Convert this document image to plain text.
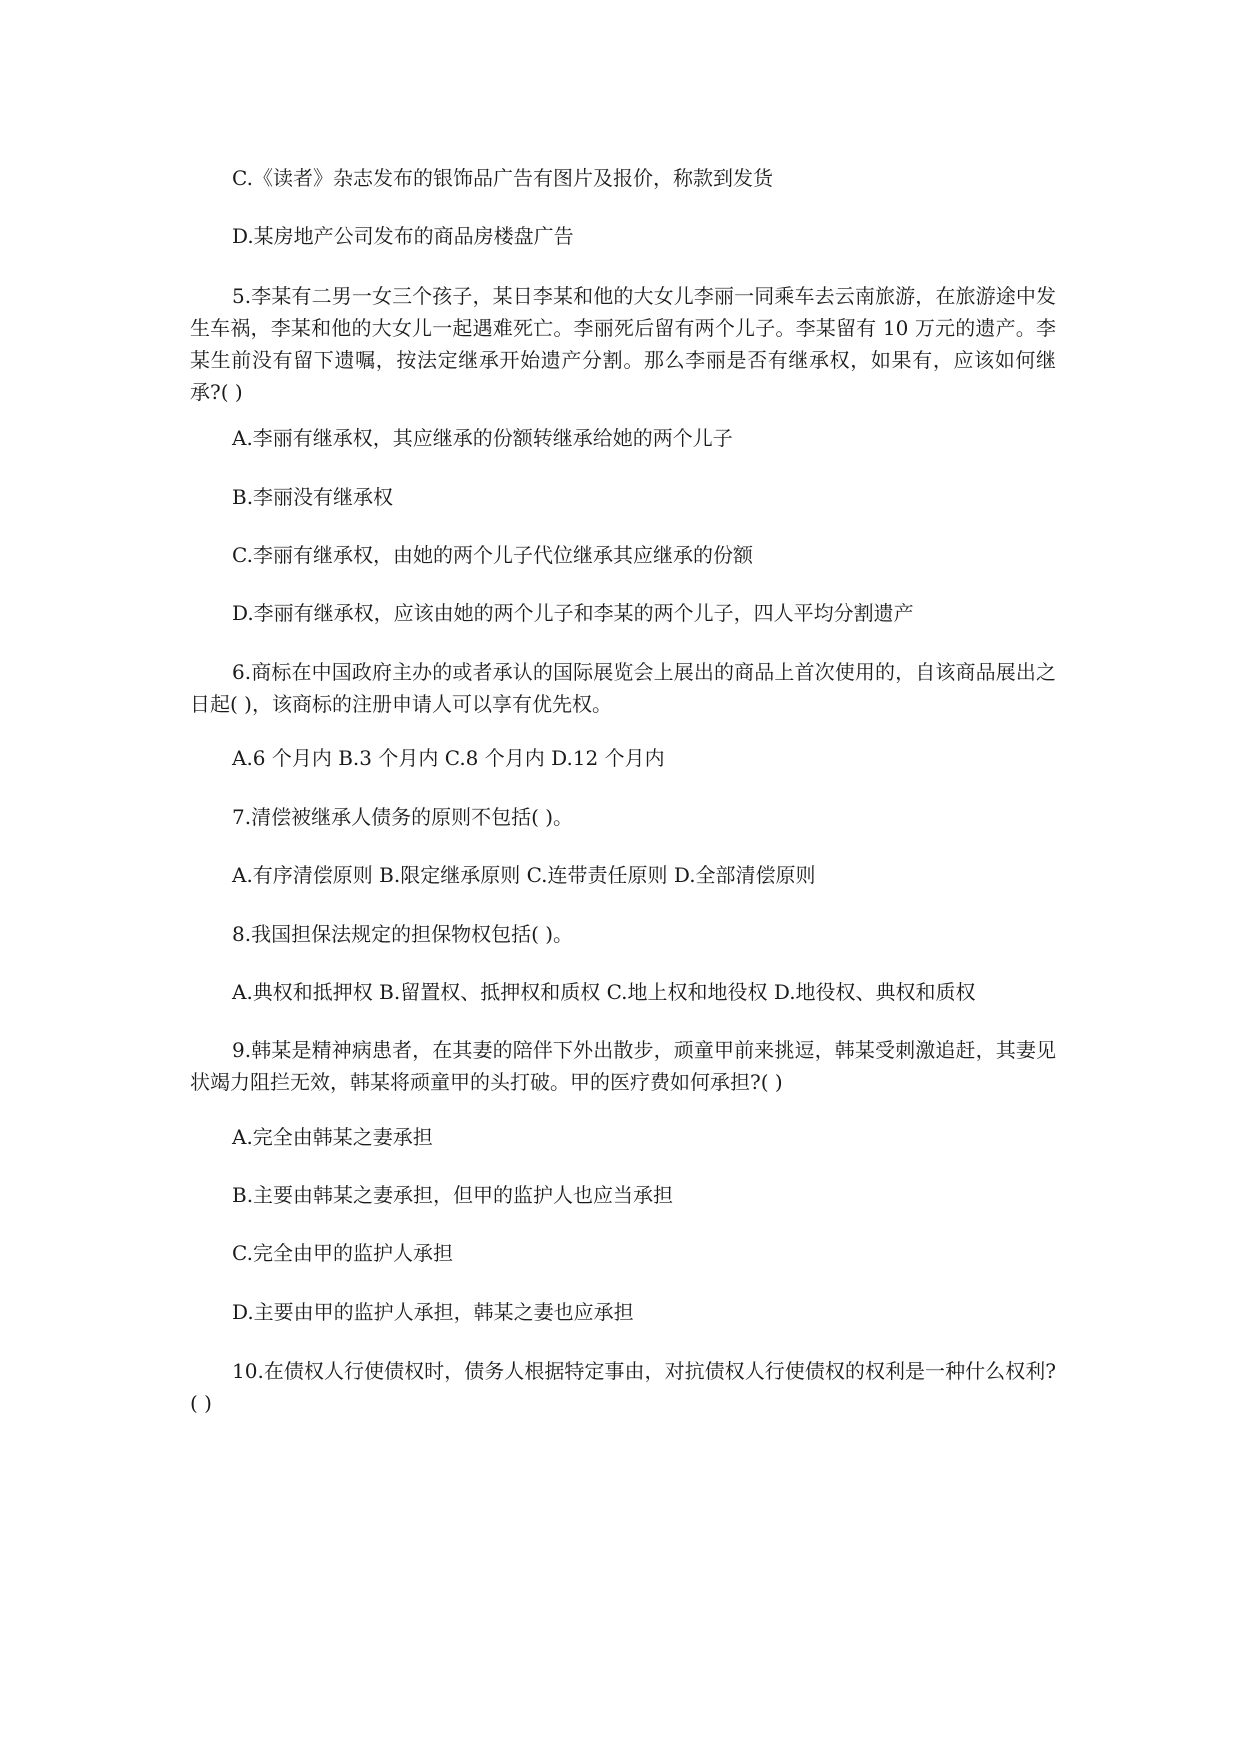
C.《读者》杂志发布的银饰品广告有图片及报价，称款到发货

D.某房地产公司发布的商品房楼盘广告

5.李某有二男一女三个孩子，某日李某和他的大女儿李丽一同乘车去云南旅游，在旅游途中发生车祸，李某和他的大女儿一起遇难死亡。李丽死后留有两个儿子。李某留有 10 万元的遗产。李某生前没有留下遗嘱，按法定继承开始遗产分割。那么李丽是否有继承权，如果有，应该如何继承?( )

A.李丽有继承权，其应继承的份额转继承给她的两个儿子

B.李丽没有继承权

C.李丽有继承权，由她的两个儿子代位继承其应继承的份额

D.李丽有继承权，应该由她的两个儿子和李某的两个儿子，四人平均分割遗产

6.商标在中国政府主办的或者承认的国际展览会上展出的商品上首次使用的，自该商品展出之日起( )，该商标的注册申请人可以享有优先权。

A.6 个月内 B.3 个月内 C.8 个月内 D.12 个月内

7.清偿被继承人债务的原则不包括( )。

A.有序清偿原则 B.限定继承原则 C.连带责任原则 D.全部清偿原则

8.我国担保法规定的担保物权包括( )。

A.典权和抵押权 B.留置权、抵押权和质权 C.地上权和地役权 D.地役权、典权和质权

9.韩某是精神病患者，在其妻的陪伴下外出散步，顽童甲前来挑逗，韩某受刺激追赶，其妻见状竭力阻拦无效，韩某将顽童甲的头打破。甲的医疗费如何承担?( )

A.完全由韩某之妻承担

B.主要由韩某之妻承担，但甲的监护人也应当承担

C.完全由甲的监护人承担

D.主要由甲的监护人承担，韩某之妻也应承担

10.在债权人行使债权时，债务人根据特定事由，对抗债权人行使债权的权利是一种什么权利?( )
